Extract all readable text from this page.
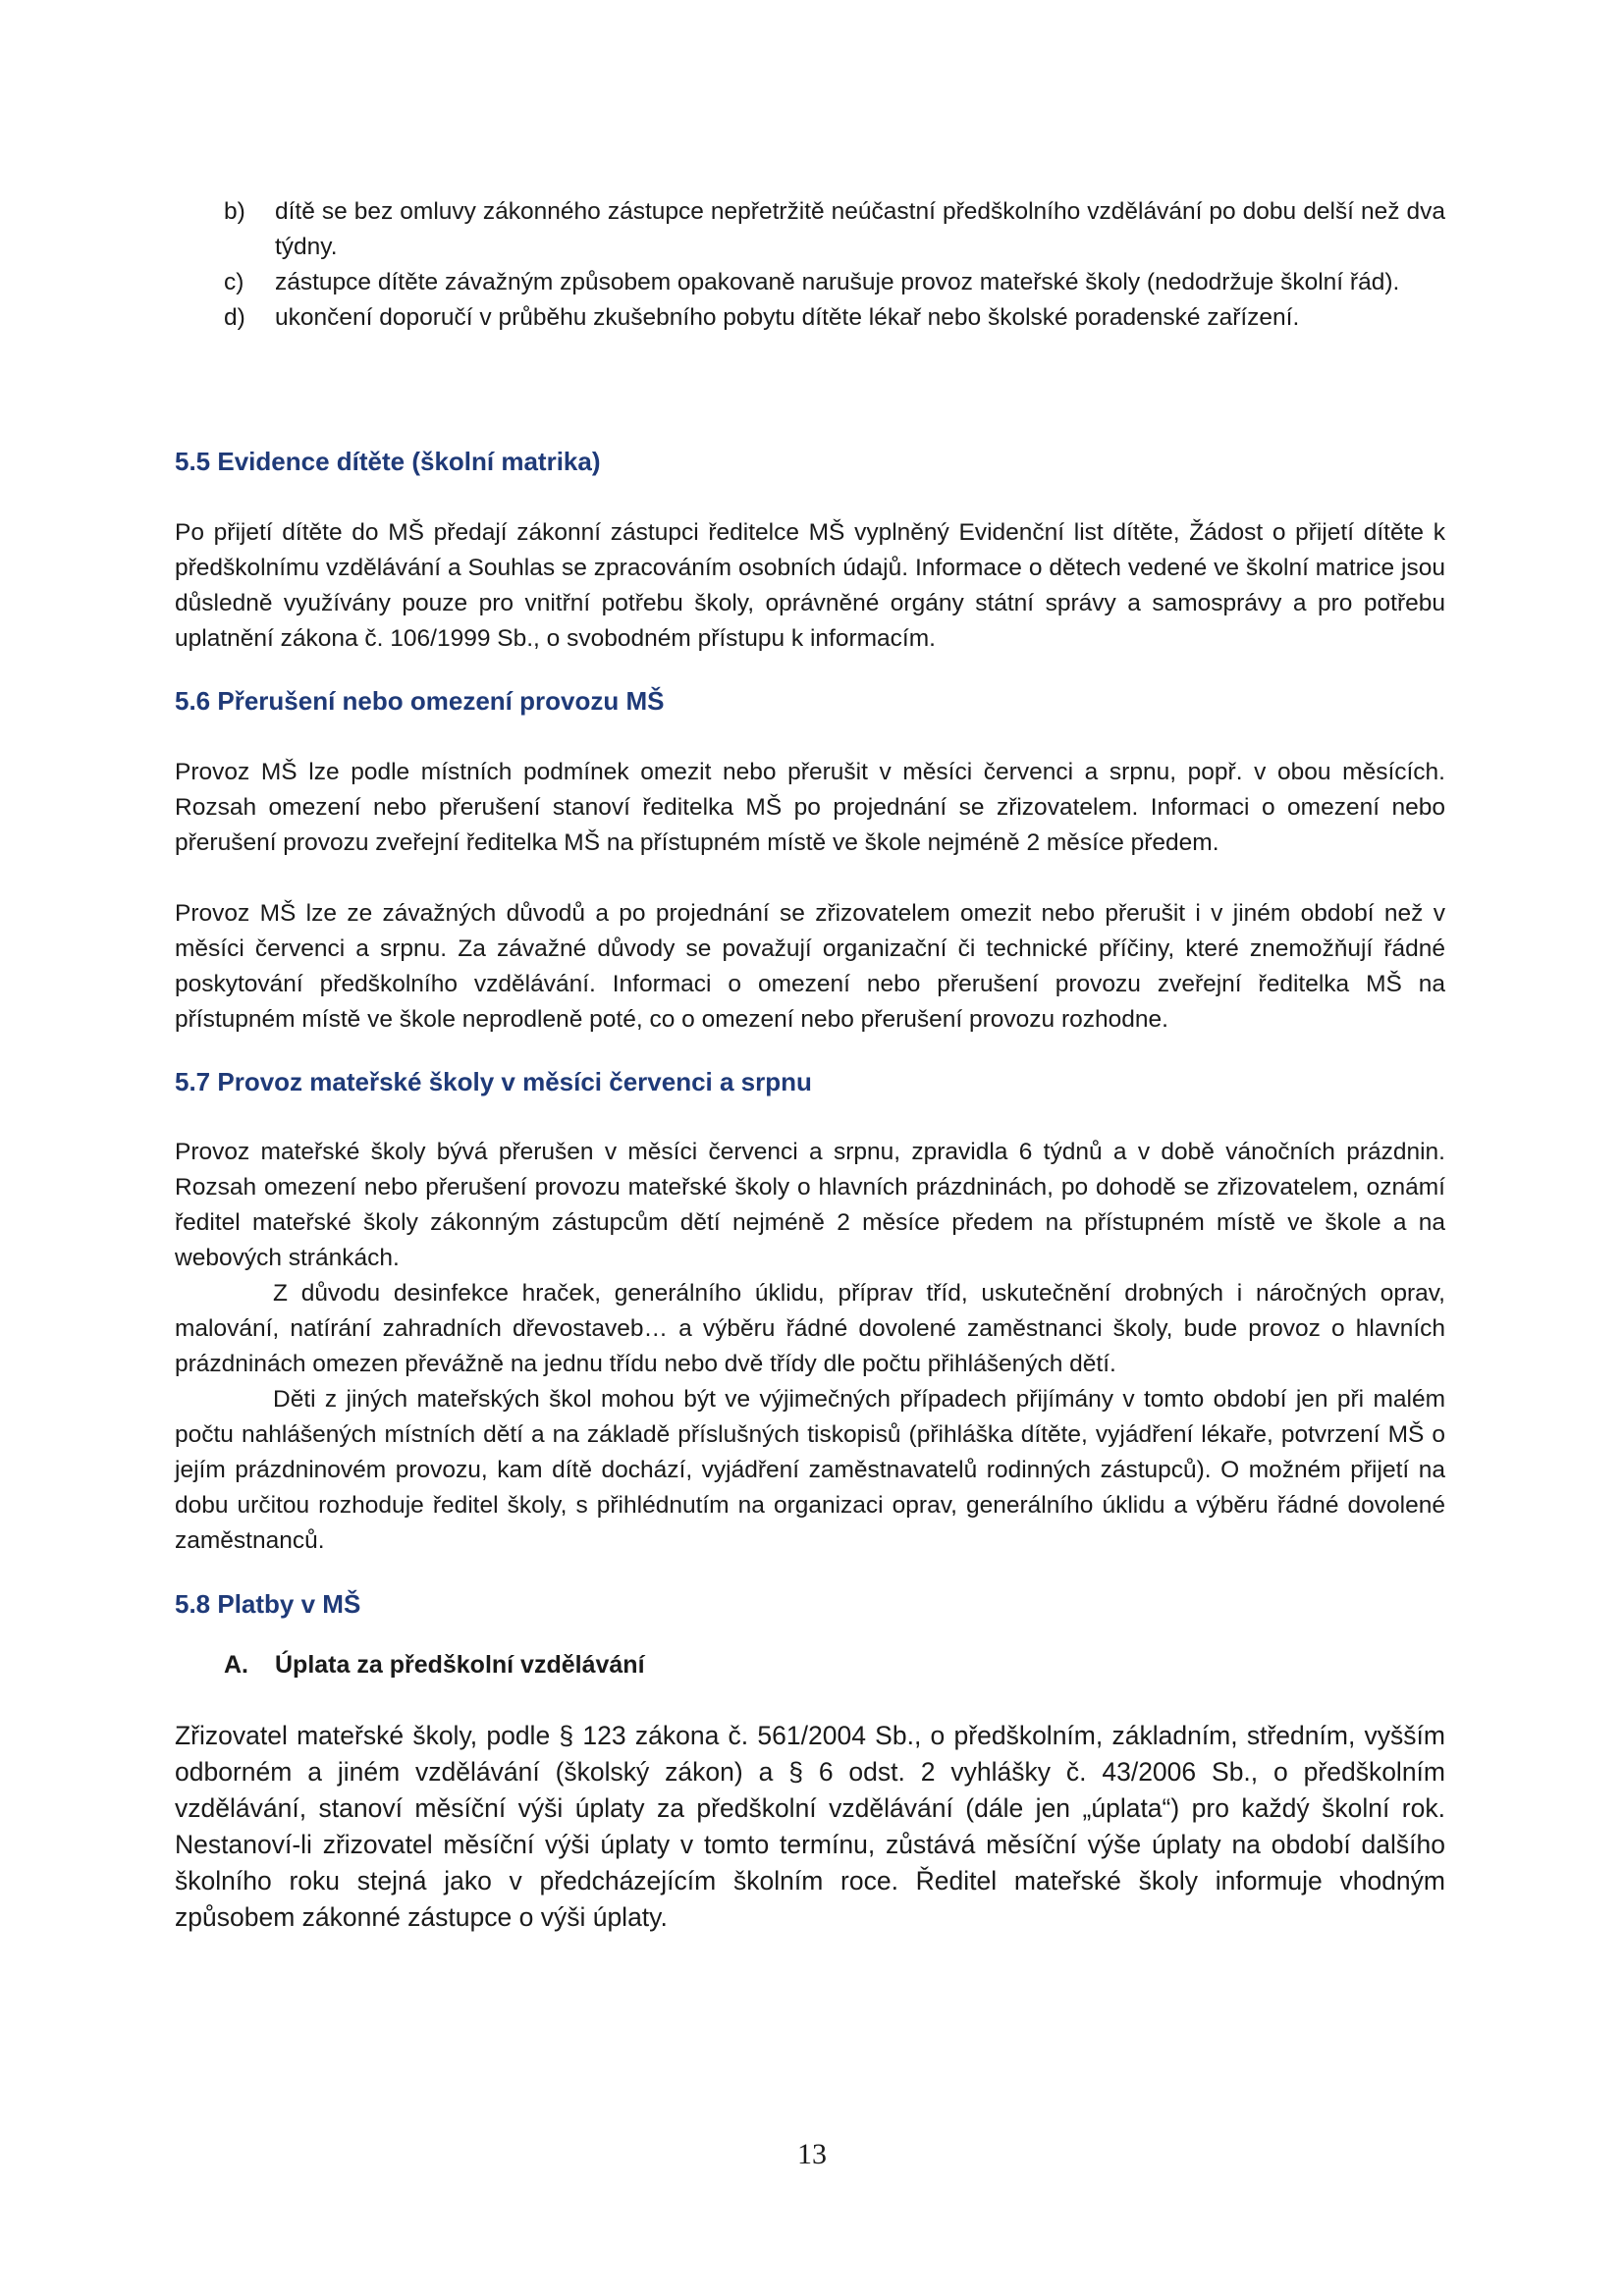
b)	dítě se bez omluvy zákonného zástupce nepřetržitě neúčastní předškolního vzdělávání po dobu delší než dva týdny.
c)	zástupce dítěte závažným způsobem opakovaně narušuje provoz mateřské školy (nedodržuje školní řád).
d)	ukončení doporučí v průběhu zkušebního pobytu dítěte lékař nebo školské poradenské zařízení.
5.5 Evidence dítěte (školní matrika)

Po přijetí dítěte do MŠ předají zákonní zástupci ředitelce MŠ vyplněný Evidenční list dítěte, Žádost o přijetí dítěte k předškolnímu vzdělávání a Souhlas se zpracováním osobních údajů. Informace o dětech vedené ve školní matrice jsou důsledně využívány pouze pro vnitřní potřebu školy, oprávněné orgány státní správy a samosprávy a pro potřebu uplatnění zákona č. 106/1999 Sb., o svobodném přístupu k informacím.

5.6 Přerušení nebo omezení provozu MŠ

Provoz MŠ lze podle místních podmínek omezit nebo přerušit v měsíci červenci a srpnu, popř. v obou měsících. Rozsah omezení nebo přerušení stanoví ředitelka MŠ po projednání se zřizovatelem. Informaci o omezení nebo přerušení provozu zveřejní ředitelka MŠ na přístupném místě ve škole nejméně 2 měsíce předem.

Provoz MŠ lze ze závažných důvodů a po projednání se zřizovatelem omezit nebo přerušit i v jiném období než v měsíci červenci a srpnu. Za závažné důvody se považují organizační či technické příčiny, které znemožňují řádné poskytování předškolního vzdělávání. Informaci o omezení nebo přerušení provozu zveřejní ředitelka MŠ na přístupném místě ve škole neprodleně poté, co o omezení nebo přerušení provozu rozhodne.

5.7 Provoz mateřské školy v měsíci červenci a srpnu

Provoz mateřské školy bývá přerušen v měsíci červenci a srpnu, zpravidla 6 týdnů a v době vánočních prázdnin. Rozsah omezení nebo přerušení provozu mateřské školy o hlavních prázdninách, po dohodě se zřizovatelem, oznámí ředitel mateřské školy zákonným zástupcům dětí nejméně 2 měsíce předem na přístupném místě ve škole a na webových stránkách.

Z důvodu desinfekce hraček, generálního úklidu, příprav tříd, uskutečnění drobných i náročných oprav, malování, natírání zahradních dřevostaveb… a výběru řádné dovolené zaměstnanci školy, bude provoz o hlavních prázdninách omezen převážně na jednu třídu nebo dvě třídy dle počtu přihlášených dětí.

Děti z jiných mateřských škol mohou být ve výjimečných případech přijímány v tomto období jen při malém počtu nahlášených místních dětí a na základě příslušných tiskopisů (přihláška dítěte, vyjádření lékaře, potvrzení MŠ o jejím prázdninovém provozu, kam dítě dochází, vyjádření zaměstnavatelů rodinných zástupců). O možném přijetí na dobu určitou rozhoduje ředitel školy, s přihlédnutím na organizaci oprav, generálního úklidu a výběru řádné dovolené zaměstnanců.

5.8 Platby v MŠ
A.	Úplata za předškolní vzdělávání

Zřizovatel mateřské školy, podle § 123 zákona č. 561/2004 Sb., o předškolním, základním, středním, vyšším odborném a jiném vzdělávání (školský zákon) a § 6 odst. 2 vyhlášky č. 43/2006 Sb., o předškolním vzdělávání, stanoví měsíční výši úplaty za předškolní vzdělávání (dále jen „úplata“) pro každý školní rok. Nestanoví-li zřizovatel měsíční výši úplaty v tomto termínu, zůstává měsíční výše úplaty na období dalšího školního roku stejná jako v předcházejícím školním roce. Ředitel mateřské školy informuje vhodným způsobem zákonné zástupce o výši úplaty.

13
